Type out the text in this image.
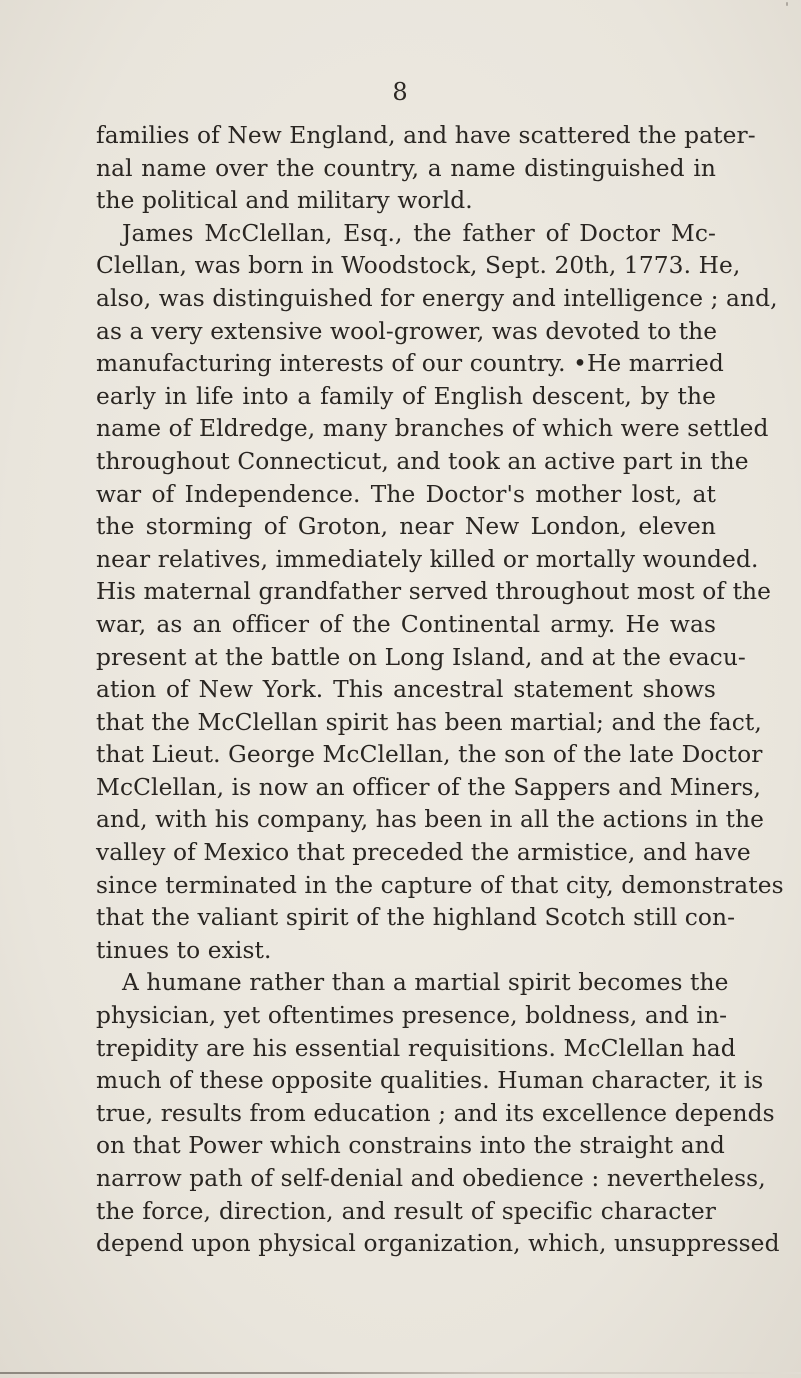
8
families of New England, and have scattered the pater-
nal name over the country, a name distinguished in
the political and military world.
James McClellan, Esq., the father of Doctor Mc-
Clellan, was born in Woodstock, Sept. 20th, 1773. He,
also, was distinguished for energy and intelligence ; and,
as a very extensive wool-grower, was devoted to the
manufacturing interests of our country. •He married
early in life into a family of English descent, by the
name of Eldredge, many branches of which were settled
throughout Connecticut, and took an active part in the
war of Independence. The Doctor's mother lost, at
the storming of Groton, near New London, eleven
near relatives, immediately killed or mortally wounded.
His maternal grandfather served throughout most of the
war, as an officer of the Continental army. He was
present at the battle on Long Island, and at the evacu-
ation of New York. This ancestral statement shows
that the McClellan spirit has been martial; and the fact,
that Lieut. George McClellan, the son of the late Doctor
McClellan, is now an officer of the Sappers and Miners,
and, with his company, has been in all the actions in the
valley of Mexico that preceded the armistice, and have
since terminated in the capture of that city, demonstrates
that the valiant spirit of the highland Scotch still con-
tinues to exist.
A humane rather than a martial spirit becomes the
physician, yet oftentimes presence, boldness, and in-
trepidity are his essential requisitions. McClellan had
much of these opposite qualities. Human character, it is
true, results from education ; and its excellence depends
on that Power which constrains into the straight and
narrow path of self-denial and obedience : nevertheless,
the force, direction, and result of specific character
depend upon physical organization, which, unsuppressed
